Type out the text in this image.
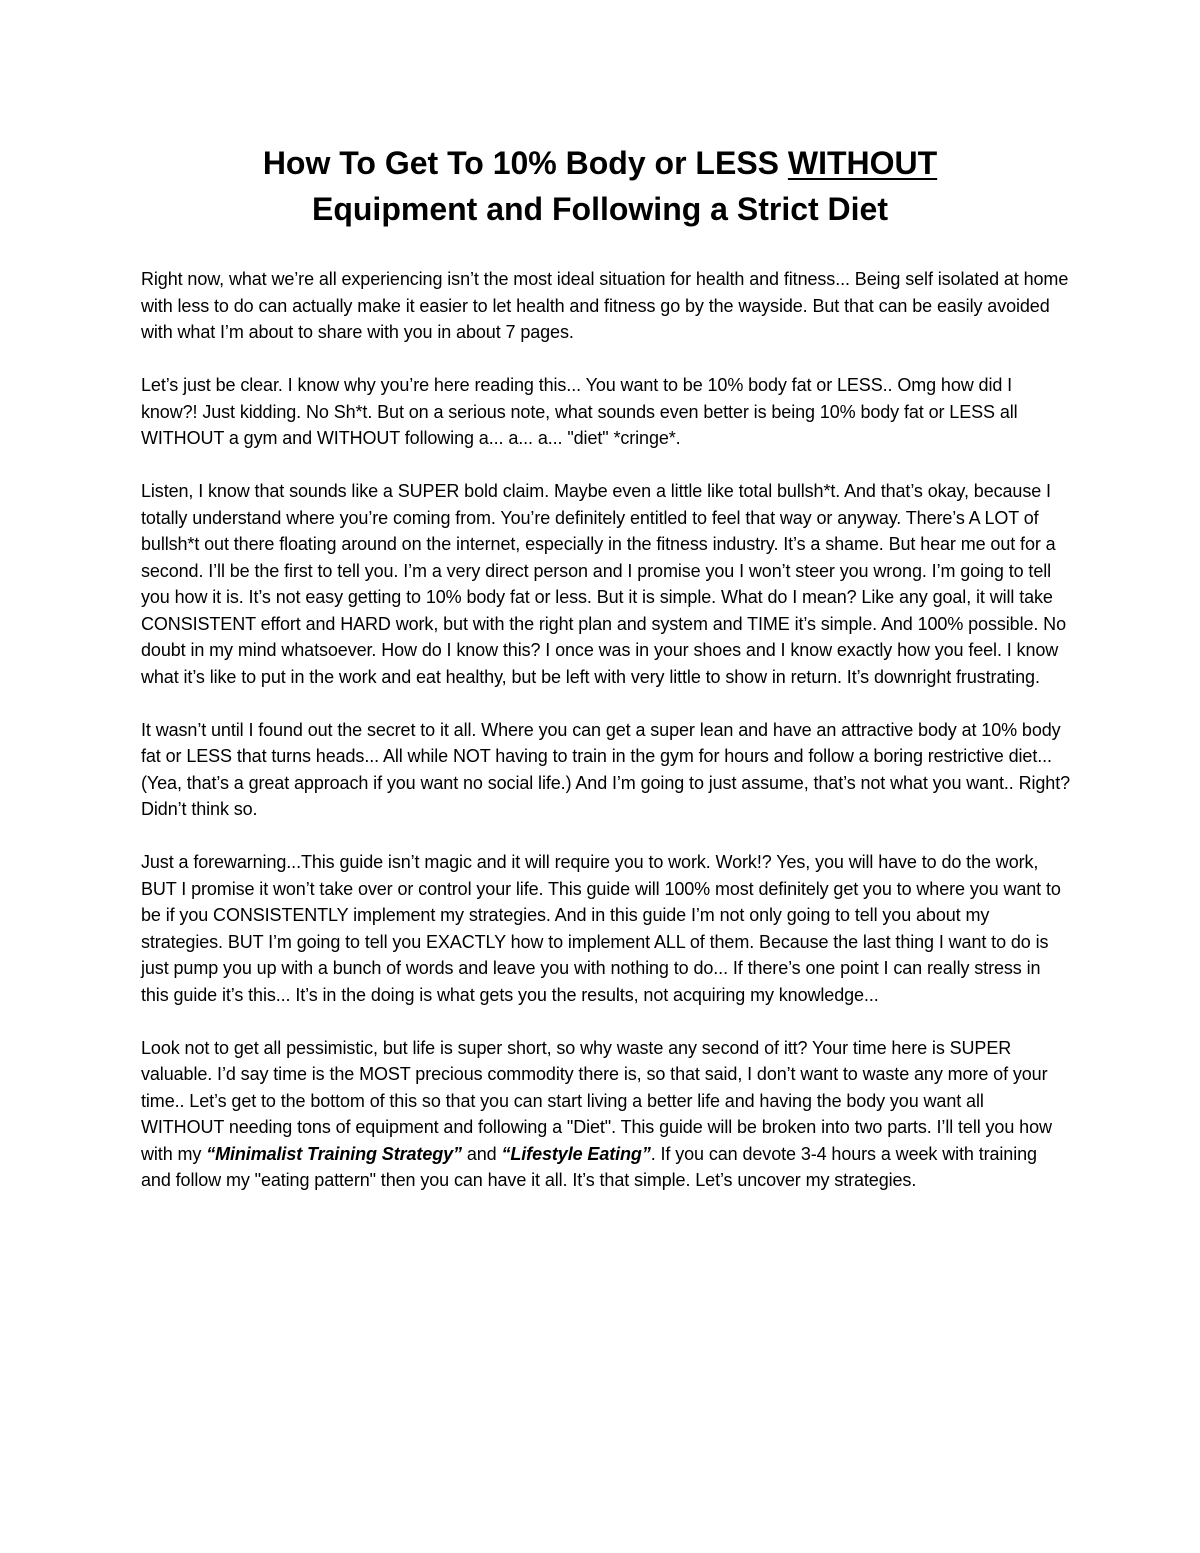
How To Get To 10% Body or LESS WITHOUT
Equipment and Following a Strict Diet

Right now, what we’re all experiencing isn’t the most ideal situation for health and fitness... Being self isolated at home with less to do can actually make it easier to let health and fitness go by the wayside. But that can be easily avoided with what I’m about to share with you in about 7 pages.

Let’s just be clear. I know why you’re here reading this... You want to be 10% body fat or LESS.. Omg how did I know?! Just kidding. No Sh*t. But on a serious note, what sounds even better is being 10% body fat or LESS all WITHOUT a gym and WITHOUT following a... a... a... "diet" *cringe*.

Listen, I know that sounds like a SUPER bold claim. Maybe even a little like total bullsh*t. And that’s okay, because I totally understand where you’re coming from. You’re definitely entitled to feel that way or anyway. There’s A LOT of bullsh*t out there floating around on the internet, especially in the fitness industry. It’s a shame. But hear me out for a second. I’ll be the first to tell you. I’m a very direct person and I promise you I won’t steer you wrong. I’m going to tell you how it is. It’s not easy getting to 10% body fat or less. But it is simple. What do I mean? Like any goal, it will take CONSISTENT effort and HARD work, but with the right plan and system and TIME it’s simple. And 100% possible. No doubt in my mind whatsoever. How do I know this? I once was in your shoes and I know exactly how you feel. I know what it’s like to put in the work and eat healthy, but be left with very little to show in return. It’s downright frustrating.

It wasn’t until I found out the secret to it all. Where you can get a super lean and have an attractive body at 10% body fat or LESS that turns heads... All while NOT having to train in the gym for hours and follow a boring restrictive diet... (Yea, that’s a great approach if you want no social life.) And I’m going to just assume, that’s not what you want.. Right? Didn’t think so.

Just a forewarning...This guide isn’t magic and it will require you to work. Work!? Yes, you will have to do the work, BUT I promise it won’t take over or control your life. This guide will 100% most definitely get you to where you want to be if you CONSISTENTLY implement my strategies. And in this guide I’m not only going to tell you about my strategies. BUT I’m going to tell you EXACTLY how to implement ALL of them. Because the last thing I want to do is just pump you up with a bunch of words and leave you with nothing to do... If there’s one point I can really stress in this guide it’s this... It’s in the doing is what gets you the results, not acquiring my knowledge...

Look not to get all pessimistic, but life is super short, so why waste any second of itt? Your time here is SUPER valuable. I’d say time is the MOST precious commodity there is, so that said, I don’t want to waste any more of your time.. Let’s get to the bottom of this so that you can start living a better life and having the body you want all WITHOUT needing tons of equipment and following a "Diet". This guide will be broken into two parts. I’ll tell you how with my “Minimalist Training Strategy” and “Lifestyle Eating”. If you can devote 3-4 hours a week with training and follow my "eating pattern" then you can have it all. It’s that simple. Let’s uncover my strategies.
